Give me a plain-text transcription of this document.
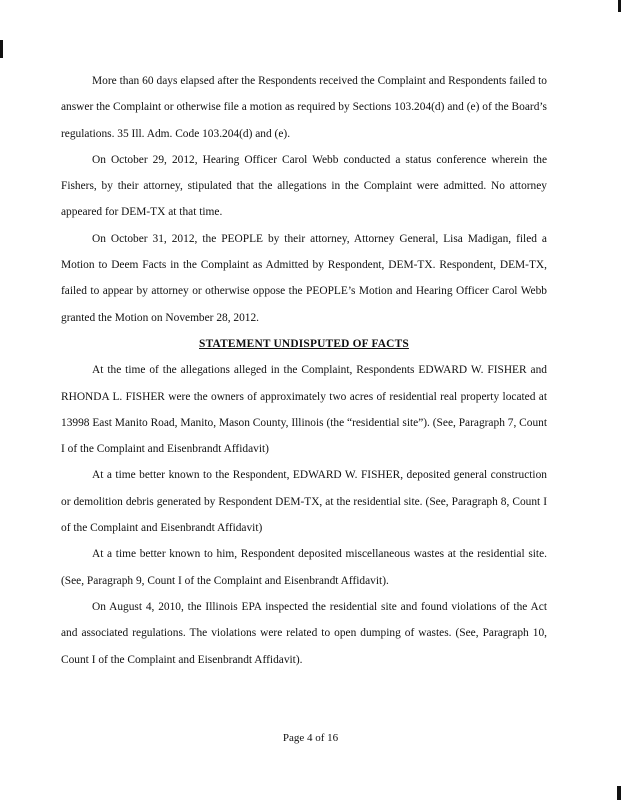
More than 60 days elapsed after the Respondents received the Complaint and Respondents failed to answer the Complaint or otherwise file a motion as required by Sections 103.204(d) and (e) of the Board’s regulations. 35 Ill. Adm. Code 103.204(d) and (e).

On October 29, 2012, Hearing Officer Carol Webb conducted a status conference wherein the Fishers, by their attorney, stipulated that the allegations in the Complaint were admitted. No attorney appeared for DEM-TX at that time.

On October 31, 2012, the PEOPLE by their attorney, Attorney General, Lisa Madigan, filed a Motion to Deem Facts in the Complaint as Admitted by Respondent, DEM-TX. Respondent, DEM-TX, failed to appear by attorney or otherwise oppose the PEOPLE’s Motion and Hearing Officer Carol Webb granted the Motion on November 28, 2012.

STATEMENT UNDISPUTED OF FACTS

At the time of the allegations alleged in the Complaint, Respondents EDWARD W. FISHER and RHONDA L. FISHER were the owners of approximately two acres of residential real property located at 13998 East Manito Road, Manito, Mason County, Illinois (the “residential site”). (See, Paragraph 7, Count I of the Complaint and Eisenbrandt Affidavit)

At a time better known to the Respondent, EDWARD W. FISHER, deposited general construction or demolition debris generated by Respondent DEM-TX, at the residential site. (See, Paragraph 8, Count I of the Complaint and Eisenbrandt Affidavit)

At a time better known to him, Respondent deposited miscellaneous wastes at the residential site. (See, Paragraph 9, Count I of the Complaint and Eisenbrandt Affidavit).

On August 4, 2010, the Illinois EPA inspected the residential site and found violations of the Act and associated regulations. The violations were related to open dumping of wastes. (See, Paragraph 10, Count I of the Complaint and Eisenbrandt Affidavit).

Page 4 of 16
